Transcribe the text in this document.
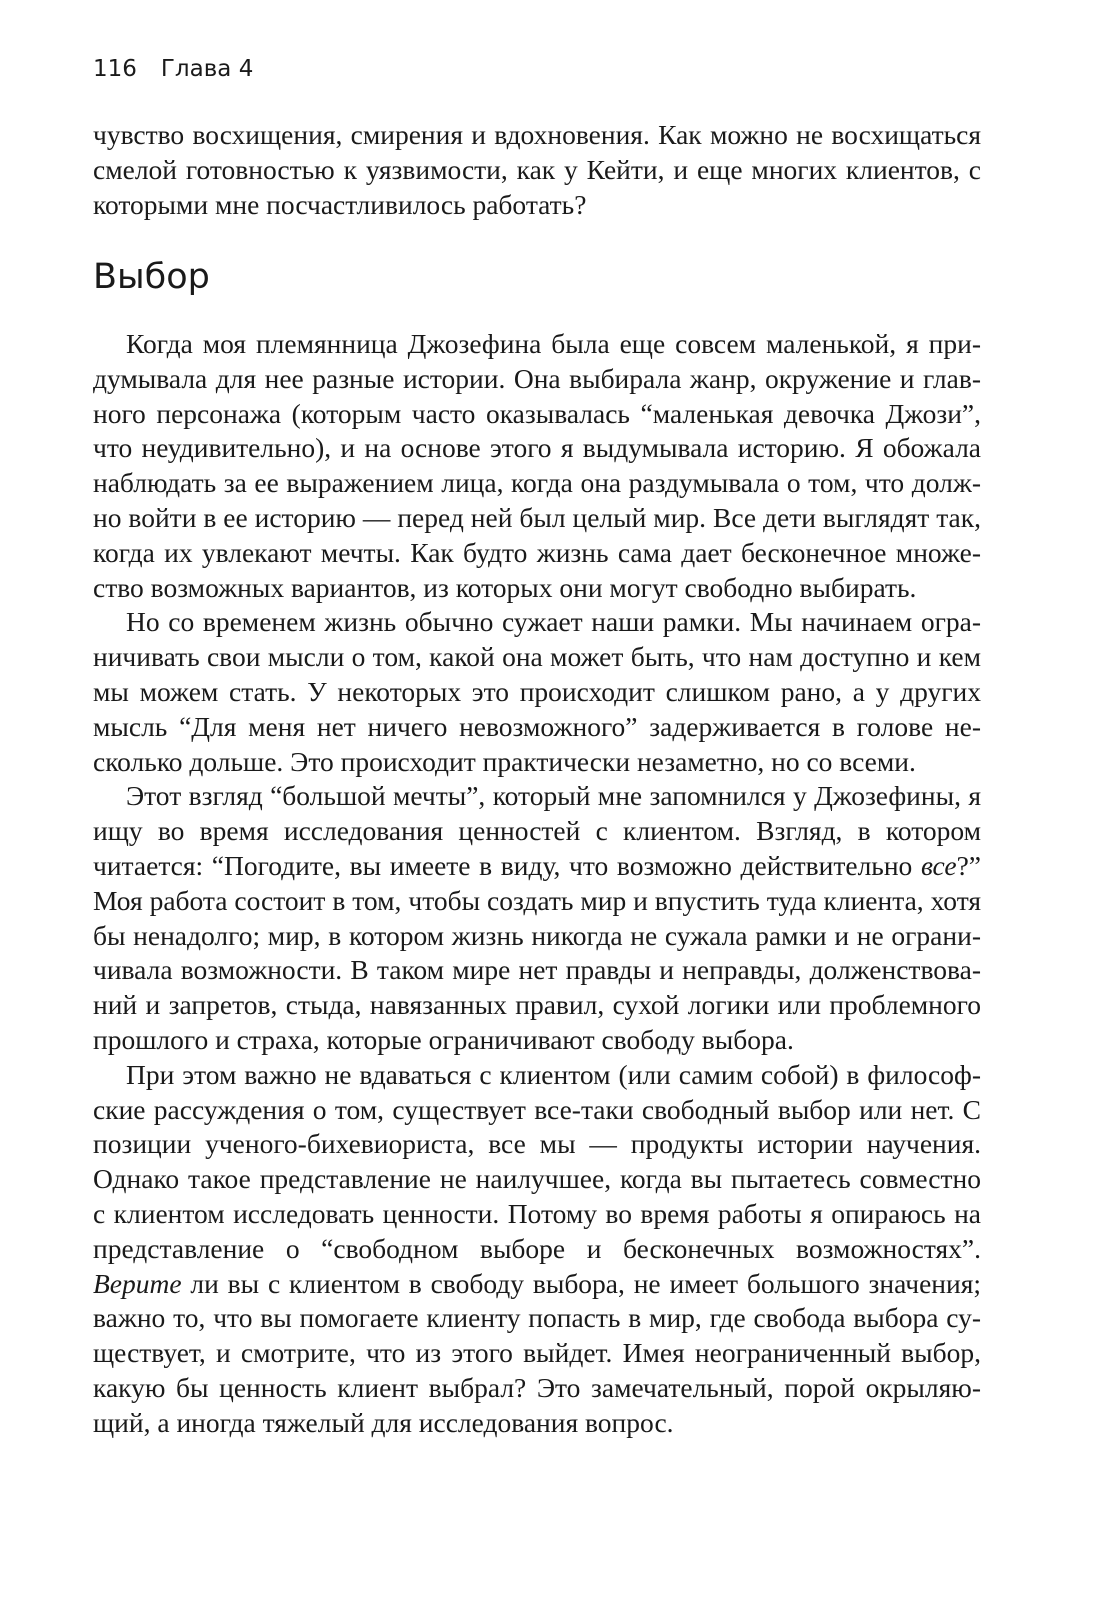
116 Глава 4

чувство восхищения, смирения и вдохновения. Как можно не восхищаться смелой готовностью к уязвимости, как у Кейти, и еще многих клиентов, с которыми мне посчастливилось работать?

Выбор

Когда моя племянница Джозефина была еще совсем маленькой, я придумывала для нее разные истории. Она выбирала жанр, окружение и главного персонажа (которым часто оказывалась “маленькая девочка Джози”, что неудивительно), и на основе этого я выдумывала историю. Я обожала наблюдать за ее выражением лица, когда она раздумывала о том, что должно войти в ее историю — перед ней был целый мир. Все дети выглядят так, когда их увлекают мечты. Как будто жизнь сама дает бесконечное множество возможных вариантов, из которых они могут свободно выбирать.

Но со временем жизнь обычно сужает наши рамки. Мы начинаем ограничивать свои мысли о том, какой она может быть, что нам доступно и кем мы можем стать. У некоторых это происходит слишком рано, а у других мысль “Для меня нет ничего невозможного” задерживается в голове несколько дольше. Это происходит практически незаметно, но со всеми.

Этот взгляд “большой мечты”, который мне запомнился у Джозефины, я ищу во время исследования ценностей с клиентом. Взгляд, в котором читается: “Погодите, вы имеете в виду, что возможно действительно все?” Моя работа состоит в том, чтобы создать мир и впустить туда клиента, хотя бы ненадолго; мир, в котором жизнь никогда не сужала рамки и не ограничивала возможности. В таком мире нет правды и неправды, долженствований и запретов, стыда, навязанных правил, сухой логики или проблемного прошлого и страха, которые ограничивают свободу выбора.

При этом важно не вдаваться с клиентом (или самим собой) в философские рассуждения о том, существует все-таки свободный выбор или нет. С позиции ученого-бихевиориста, все мы — продукты истории научения. Однако такое представление не наилучшее, когда вы пытаетесь совместно с клиентом исследовать ценности. Потому во время работы я опираюсь на представление о “свободном выборе и бесконечных возможностях”. Верите ли вы с клиентом в свободу выбора, не имеет большого значения; важно то, что вы помогаете клиенту попасть в мир, где свобода выбора существует, и смотрите, что из этого выйдет. Имея неограниченный выбор, какую бы ценность клиент выбрал? Это замечательный, порой окрыляющий, а иногда тяжелый для исследования вопрос.
